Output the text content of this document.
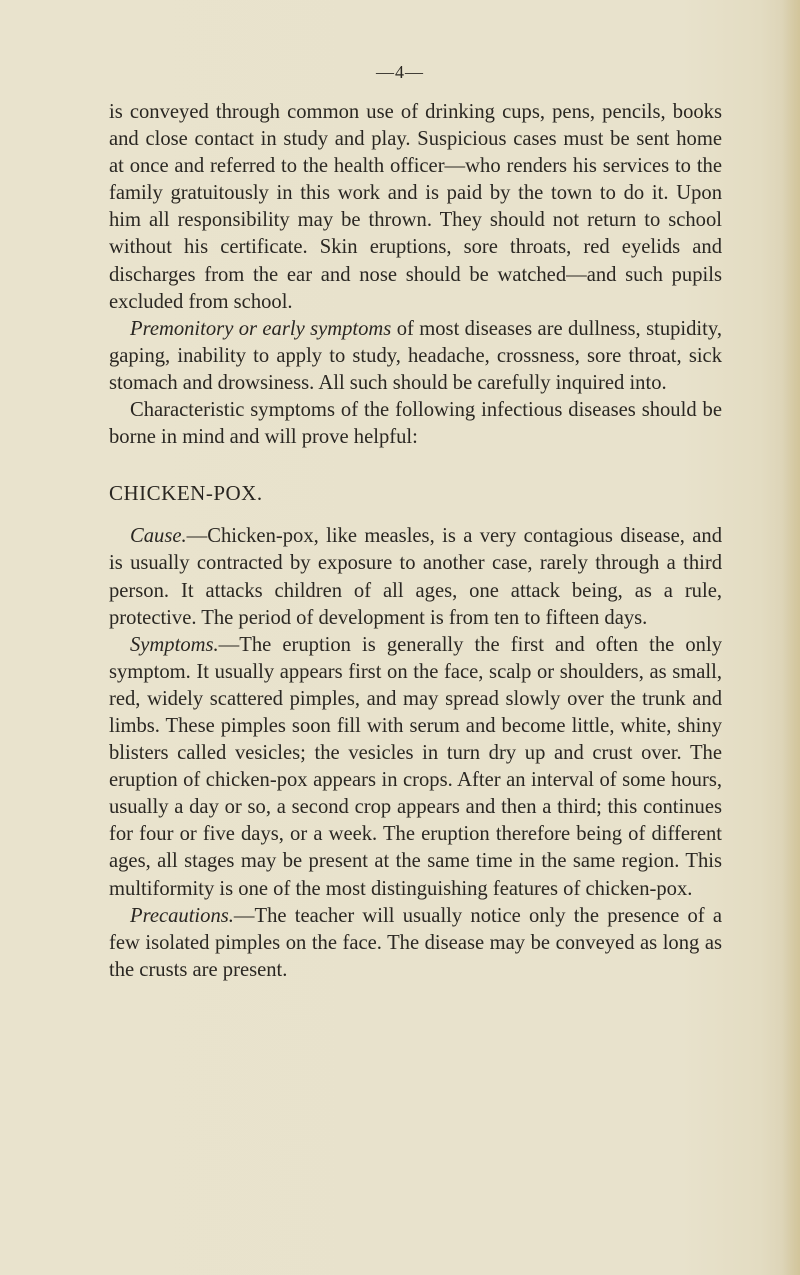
—4—

is conveyed through common use of drinking cups, pens, pencils, books and close contact in study and play. Suspicious cases must be sent home at once and referred to the health officer—who renders his services to the family gratuitously in this work and is paid by the town to do it. Upon him all responsibility may be thrown. They should not return to school without his certificate. Skin eruptions, sore throats, red eyelids and discharges from the ear and nose should be watched—and such pupils excluded from school.

Premonitory or early symptoms of most diseases are dullness, stupidity, gaping, inability to apply to study, headache, crossness, sore throat, sick stomach and drowsiness. All such should be carefully inquired into.

Characteristic symptoms of the following infectious diseases should be borne in mind and will prove helpful:

CHICKEN-POX.

Cause.—Chicken-pox, like measles, is a very contagious disease, and is usually contracted by exposure to another case, rarely through a third person. It attacks children of all ages, one attack being, as a rule, protective. The period of development is from ten to fifteen days.

Symptoms.—The eruption is generally the first and often the only symptom. It usually appears first on the face, scalp or shoulders, as small, red, widely scattered pimples, and may spread slowly over the trunk and limbs. These pimples soon fill with serum and become little, white, shiny blisters called vesicles; the vesicles in turn dry up and crust over. The eruption of chicken-pox appears in crops. After an interval of some hours, usually a day or so, a second crop appears and then a third; this continues for four or five days, or a week. The eruption therefore being of different ages, all stages may be present at the same time in the same region. This multiformity is one of the most distinguishing features of chicken-pox.

Precautions.—The teacher will usually notice only the presence of a few isolated pimples on the face. The disease may be conveyed as long as the crusts are present.
